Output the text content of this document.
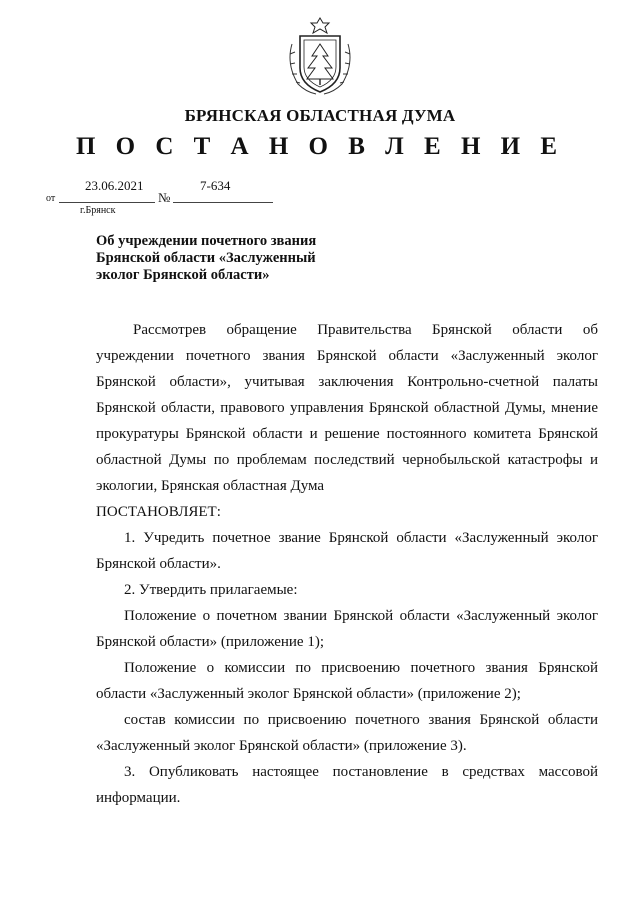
БРЯНСКАЯ ОБЛАСТНАЯ ДУМА
П О С Т А Н О В Л Е Н И Е
от
23.06.2021
№
7-634
г.Брянск
Об учреждении почетного звания
Брянской области «Заслуженный
эколог Брянской области»
Рассмотрев обращение Правительства Брянской области об
учреждении почетного звания Брянской области «Заслуженный эколог
Брянской области», учитывая заключения Контрольно-счетной палаты
Брянской области, правового управления Брянской областной Думы, мнение
прокуратуры Брянской области и решение постоянного комитета Брянской
областной Думы по проблемам последствий чернобыльской катастрофы и
экологии, Брянская областная Дума
ПОСТАНОВЛЯЕТ:
1. Учредить почетное звание Брянской области «Заслуженный эколог
Брянской области».
2. Утвердить прилагаемые:
Положение о почетном звании Брянской области «Заслуженный эколог
Брянской области» (приложение 1);
Положение о комиссии по присвоению почетного звания Брянской
области «Заслуженный эколог Брянской области» (приложение 2);
состав комиссии по присвоению почетного звания Брянской области
«Заслуженный эколог Брянской области» (приложение 3).
3. Опубликовать настоящее постановление в средствах массовой
информации.
